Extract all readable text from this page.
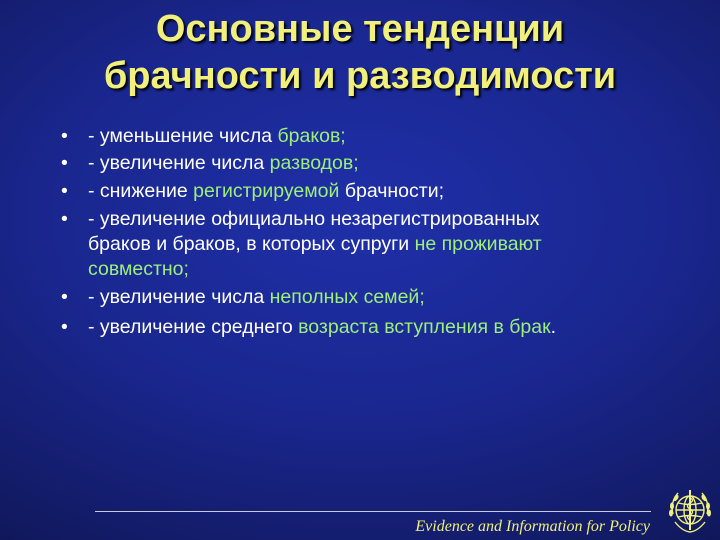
Основные тенденции
брачности и разводимости
• - уменьшение числа браков;
• - увеличение числа разводов;
• - снижение регистрируемой брачности;
• - увеличение официально незарегистрированных
браков и браков, в которых супруги не проживают
совместно;
• - увеличение числа неполных семей;
• - увеличение среднего возраста вступления в брак.
Evidence and Information for Policy
